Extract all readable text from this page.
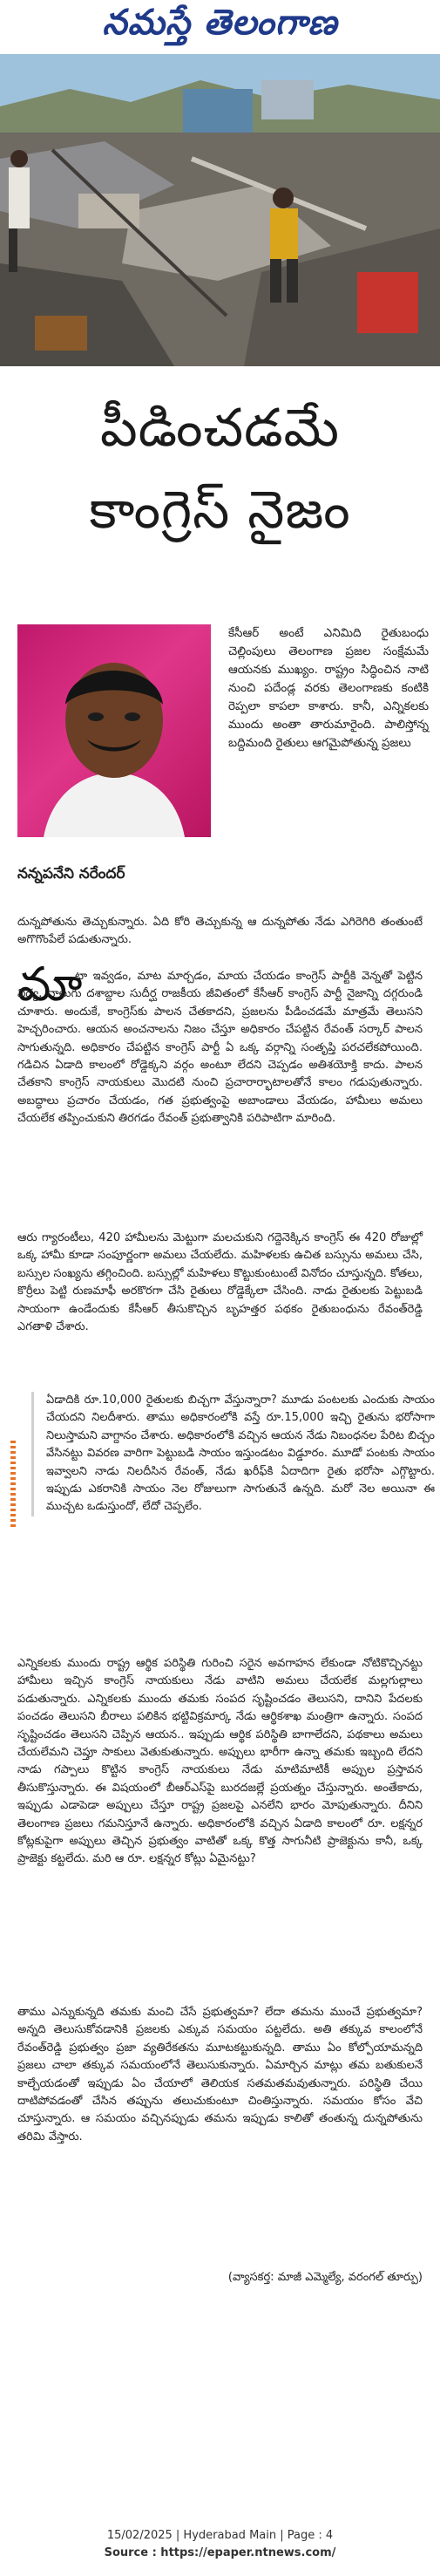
నమస్తే తెలంగాణ
పీడించడమే
కాంగ్రెస్ నైజం
నన్నపనేని నరేందర్

కేసీఆర్ అంటే ఎనిమిది రైతుబంధు చెల్లింపులు తెలంగాణ ప్రజల సంక్షేమమే ఆయనకు ముఖ్యం. రాష్ట్రం సిద్ధించిన నాటి నుంచి పదేండ్ల వరకు తెలంగాణకు కంటికి రెప్పలా కాపలా కాశారు. కానీ, ఎన్నికలకు ముందు అంతా తారుమారైంది. పాలిస్తోన్న బద్దిమంది రైతులు ఆగమైపోతున్న ప్రజలు

దున్నపోతును తెచ్చుకున్నారు. ఏది కోరి తెచ్చుకున్న ఆ దున్నపోతు నేడు ఎగిరెగిరి తంతుంటే అగొగొంపేలే పడుతున్నారు.

మా

టా ఇవ్వడం, మాట మార్చడం, మాయ చేయడం కాంగ్రెస్ పార్టీకి వెన్నతో పెట్టిన విద్య. నాలుగు దశాబ్దాల సుదీర్ఘ రాజకీయ జీవితంలో కేసీఆర్ కాంగ్రెస్ పార్టీ నైజాన్ని దగ్గరుండి చూశారు. అందుకే, కాంగ్రెస్‌కు పాలన చేతకాదని, ప్రజలను పీడించడమే మాత్రమే తెలుసని హెచ్చరించారు. ఆయన అంచనాలను నిజం చేస్తూ అధికారం చేపట్టిన రేవంత్ సర్కార్ పాలన సాగుతున్నది. అధికారం చేపట్టిన కాంగ్రెస్ పార్టీ ఏ ఒక్క వర్గాన్ని సంతృప్తి పరచలేకపోయింది. గడిచిన ఏడాది కాలంలో రోడ్డెక్కని వర్గం అంటూ లేదని చెప్పడం అతిశయోక్తి కాదు. పాలన చేతకాని కాంగ్రెస్ నాయకులు మొదటి నుంచి ప్రచారార్భాటాలతోనే కాలం గడుపుతున్నారు. అబద్ధాలు ప్రచారం చేయడం, గత ప్రభుత్వంపై అబాండాలు వేయడం, హామీలు అమలు చేయలేక తప్పించుకుని తిరగడం రేవంత్ ప్రభుత్వానికి పరిపాటిగా మారింది.

ఆరు గ్యారంటీలు, 420 హామీలను మెట్టుగా మలచుకుని గద్దెనెక్కిన కాంగ్రెస్ ఈ 420 రోజుల్లో ఒక్క హామీ కూడా సంపూర్ణంగా అమలు చేయలేదు. మహిళలకు ఉచిత బస్సును అమలు చేసి, బస్సుల సంఖ్యను తగ్గించింది. బస్సుల్లో మహిళలు కొట్టుకుంటుంటే వినోదం చూస్తున్నది. కోతలు, కొర్రీలు పెట్టి రుణమాఫీ అరకొరగా చేసి రైతులు రోడ్డెక్కేలా చేసింది. నాడు రైతులకు పెట్టుబడి సాయంగా ఉండేందుకు కేసీఆర్ తీసుకొచ్చిన బృహత్తర పథకం రైతుబంధును రేవంత్‌రెడ్డి ఎగతాళి చేశారు.

ఏడాదికి రూ.10,000 రైతులకు బిచ్చగా వేస్తున్నారా? మూడు పంటలకు ఎందుకు సాయం చేయదని నిలదీశారు. తాము అధికారంలోకి వస్తే రూ.15,000 ఇచ్చి రైతును భరోసాగా నిలుస్తామని వాగ్దానం చేశారు. అధికారంలోకి వచ్చిన ఆయన నేడు నిబంధనల పేరిట బిచ్చం వేసినట్టు వివరణ వారిగా పెట్టుబడి సాయం ఇస్తుండటం విడ్డూరం. మూడో పంటకు సాయం ఇవ్వాలని నాడు నిలదీసిన రేవంత్, నేడు ఖరీఫ్‌కి ఏదాదిగా రైతు భరోసా ఎగ్గొట్టారు. ఇప్పుడు ఎకరానికి సాయం నెల రోజులుగా సాగుతునే ఉన్నది. మరో నెల అయినా ఈ ముచ్చట ఒడుస్తుందో, లేదో చెప్పలేం.

ఎన్నికలకు ముందు రాష్ట్ర ఆర్థిక పరిస్థితి గురించి సరైన అవగాహన లేకుండా నోటికొచ్చినట్టు హామీలు ఇచ్చిన కాంగ్రెస్ నాయకులు నేడు వాటిని అమలు చేయలేక మల్లగుల్లాలు పడుతున్నారు. ఎన్నికలకు ముందు తమకు సంపద సృష్టించడం తెలుసని, దానిని పేదలకు పంచడం తెలుసని బీరాలు పలికిన భట్టివిక్రమార్క నేడు ఆర్థికశాఖ మంత్రిగా ఉన్నారు. సంపద సృష్టించడం తెలుసని చెప్పిన ఆయన.. ఇప్పుడు ఆర్థిక పరిస్థితి బాగాలేదని, పథకాలు అమలు చేయలేమని చెప్తూ సాకులు వెతుకుతున్నారు. అప్పులు భారీగా ఉన్నా తమకు ఇబ్బంది లేదని నాడు గప్పాలు కొట్టిన కాంగ్రెస్ నాయకులు నేడు మాటిమాటికీ అప్పుల ప్రస్తావన తీసుకొస్తున్నారు. ఈ విషయంలో బీఆర్ఎస్‌పై బురదజల్లే ప్రయత్నం చేస్తున్నారు. అంతేకాదు, ఇప్పుడు ఎడాపెడా అప్పులు చేస్తూ రాష్ట్ర ప్రజలపై ఎనలేని భారం మోపుతున్నారు. దీనిని తెలంగాణ ప్రజలు గమనిస్తూనే ఉన్నారు. అధికారంలోకి వచ్చిన ఏడాది కాలంలో రూ. లక్షన్నర కోట్లకుపైగా అప్పులు తెచ్చిన ప్రభుత్వం వాటితో ఒక్క కొత్త సాగునీటి ప్రాజెక్టును కానీ, ఒక్క ప్రాజెక్టు కట్టలేదు. మరి ఆ రూ. లక్షన్నర కోట్లు ఏమైనట్టు?

తాము ఎన్నుకున్నది తమకు మంచి చేసే ప్రభుత్వమా? లేదా తమను ముంచే ప్రభుత్వమా? అన్నది తెలుసుకోవడానికి ప్రజలకు ఎక్కువ సమయం పట్టలేదు. అతి తక్కువ కాలంలోనే రేవంత్‌రెడ్డి ప్రభుత్వం ప్రజా వ్యతిరేకతను మూటకట్టుకున్నది. తాము ఏం కోల్పోయామన్నది ప్రజలు చాలా తక్కువ సమయంలోనే తెలుసుకున్నారు. ఏమార్చిన మాట్లు తమ బతుకులనే కాల్చేయడంతో ఇప్పుడు ఏం చేయాలో తెలియక సతమతమవుతున్నారు. పరిస్థితి చేయి దాటిపోవడంతో చేసిన తప్పును తలుచుకుంటూ చింతిస్తున్నారు. సమయం కోసం వేచి చూస్తున్నారు. ఆ సమయం వచ్చినప్పుడు తమను ఇప్పుడు కాలితో తంతున్న దున్నపోతును తరిమి వేస్తారు.

(వ్యాసకర్త: మాజీ ఎమ్మెల్యే, వరంగల్ తూర్పు)
15/02/2025 | Hyderabad Main | Page : 4
Source : https://epaper.ntnews.com/
